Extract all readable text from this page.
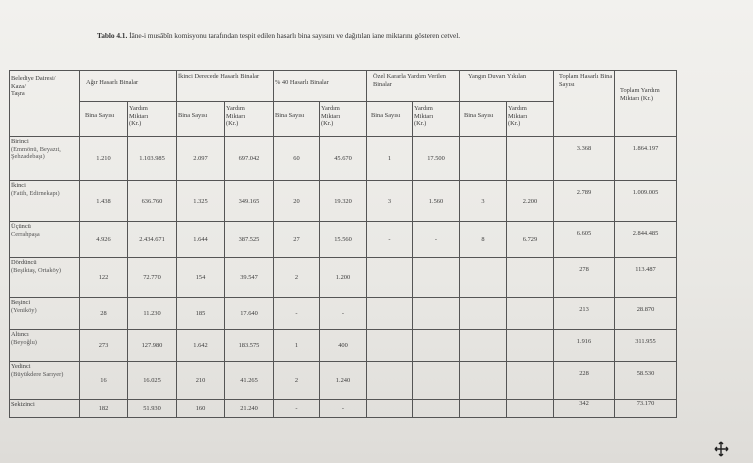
Tablo 4.1. İâne-i musâbîn komisyonu tarafından tespit edilen hasarlı bina sayısını ve dağıtılan iane miktarını gösteren cetvel.
Belediye Dairesi/
Kaza/
Taşra	Ağır Hasarlı Binalar		İkinci Derecede Hasarlı Binalar		% 40 Hasarlı Binalar		Özel Kararla Yardım Verilen Binalar		Yangın Duvarı Yıkılan		Toplam Hasarlı Bina Sayısı	Toplam Yardım Miktarı (Kr.)
	Bina Sayısı	Yardım
Miktarı
(Kr.)	Bina Sayısı	Yardım
Miktarı
(Kr.)	Bina Sayısı	Yardım
Miktarı
(Kr.)	Bina Sayısı	Yardım
Miktarı
(Kr.)	Bina Sayısı	Yardım
Miktarı
(Kr.)		
Birinci
(Emmönü, Beyazıt, Şehzadebaşı)	1.210	1.103.985	2.097	697.042	60	45.670	1	17.500			3.368	1.864.197
İkinci
(Fatih, Edirnekapı)	1.438	636.760	1.325	349.165	20	19.320	3	1.560	3	2.200	2.789	1.009.005
Üçüncü
Cerrahpaşa	4.926	2.434.671	1.644	387.525	27	15.560	-	-	8	6.729	6.605	2.844.485
Dördüncü
(Beşiktaş, Ortaköy)	122	72.770	154	39.547	2	1.200					278	113.487
Beşinci
(Yeniköy)	28	11.230	185	17.640	-	-					213	28.870
Altıncı
(Beyoğlu)	273	127.980	1.642	183.575	1	400					1.916	311.955
Yedinci
(Büyükdere Sarıyer)	16	16.025	210	41.265	2	1.240					228	58.530
Sekizinci	182	51.930	160	21.240	-	-					342	73.170
